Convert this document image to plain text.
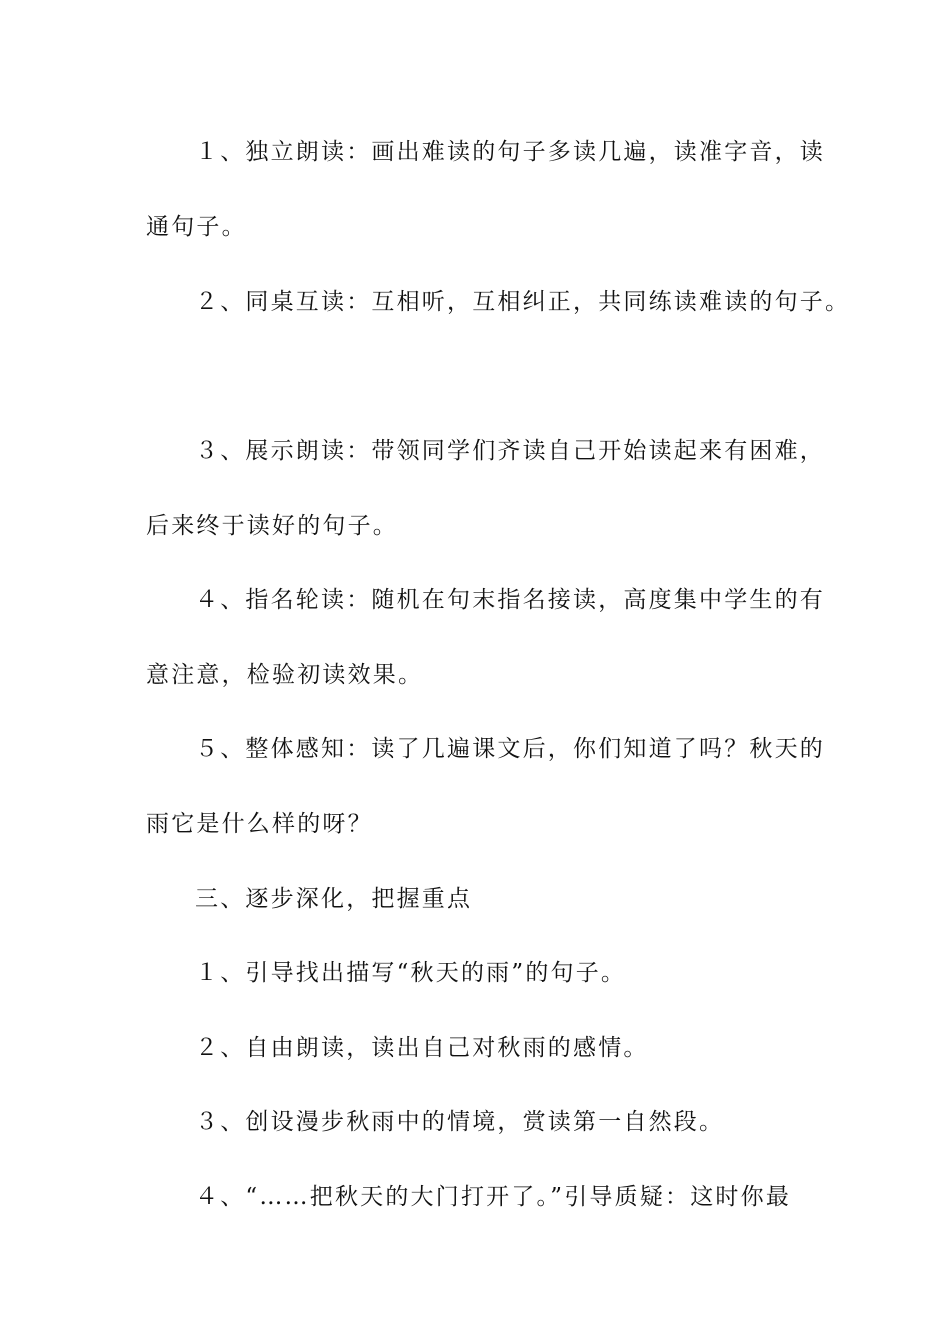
１、独立朗读：画出难读的句子多读几遍，读准字音，读
通句子。
２、同桌互读：互相听，互相纠正，共同练读难读的句子。
３、展示朗读：带领同学们齐读自己开始读起来有困难，
后来终于读好的句子。
４、指名轮读：随机在句末指名接读，高度集中学生的有
意注意，检验初读效果。
５、整体感知：读了几遍课文后，你们知道了吗？秋天的
雨它是什么样的呀？
三、逐步深化，把握重点
１、引导找出描写“秋天的雨”的句子。
２、自由朗读，读出自己对秋雨的感情。
３、创设漫步秋雨中的情境，赏读第一自然段。
４、“……把秋天的大门打开了。”引导质疑：这时你最
